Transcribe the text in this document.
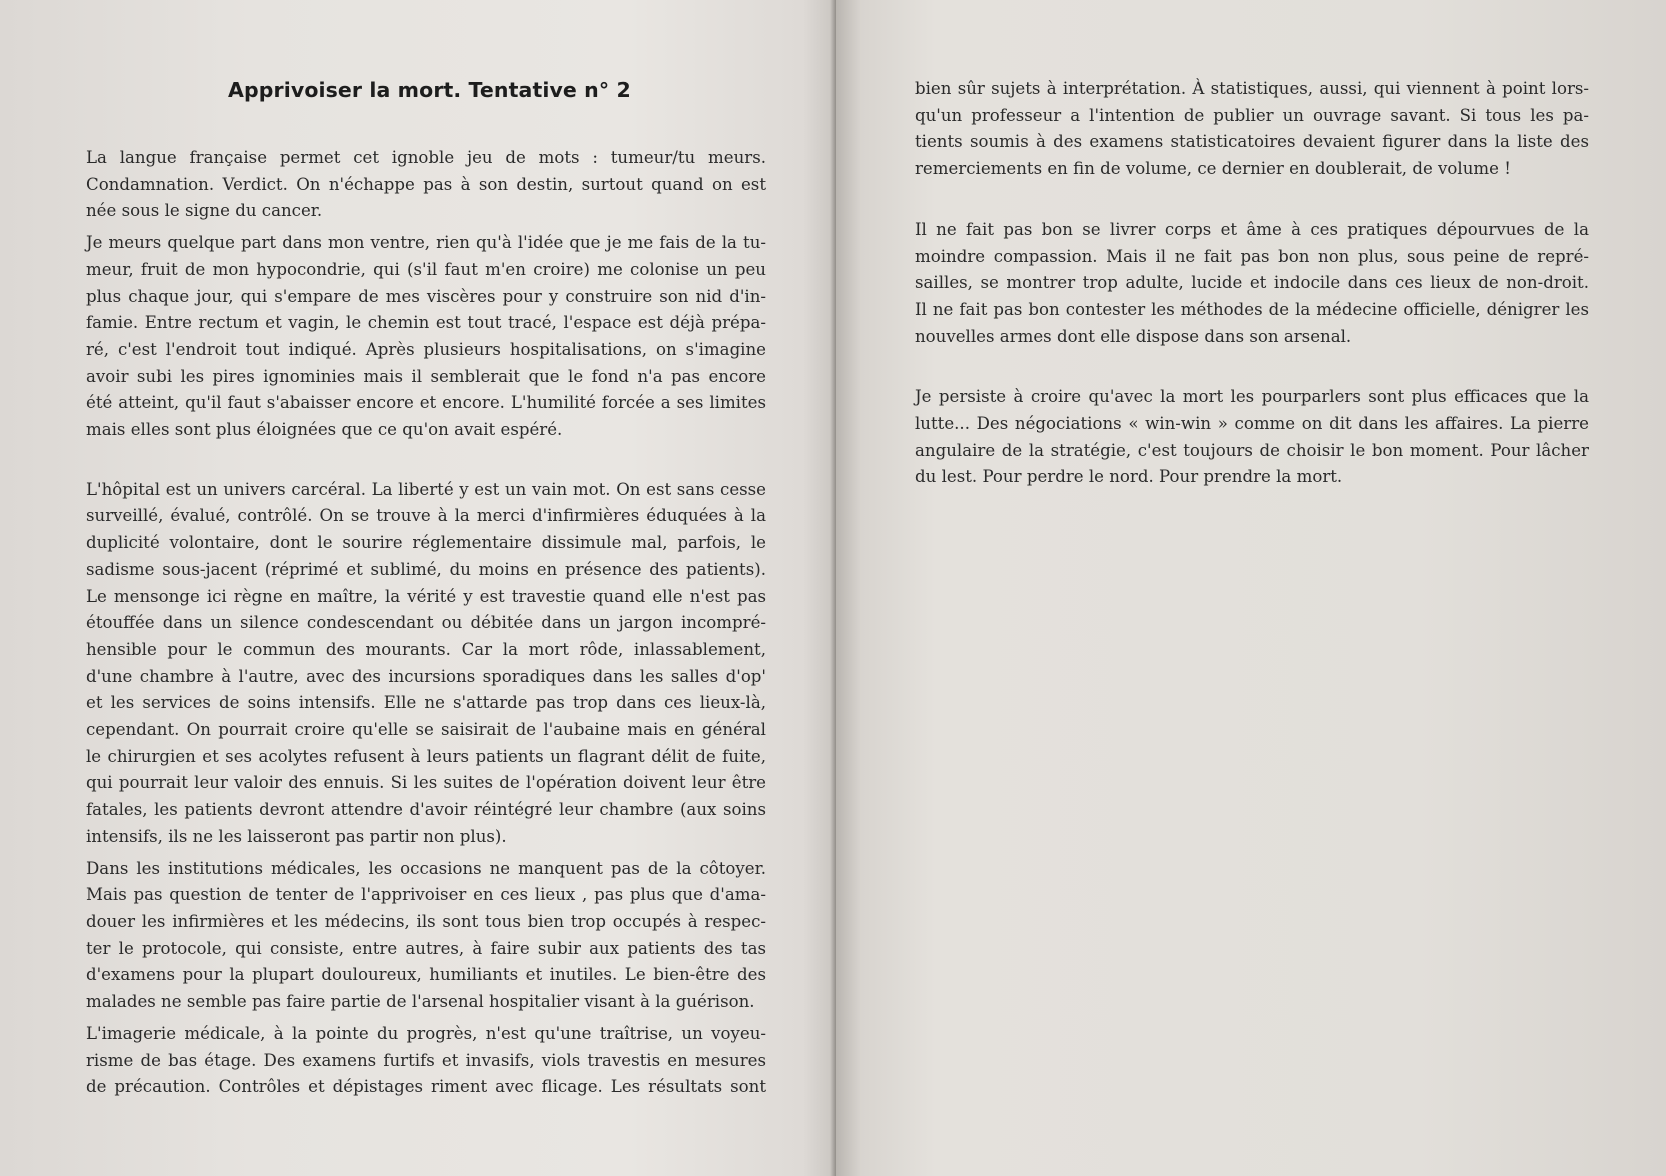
Apprivoiser la mort. Tentative n° 2
La langue française permet cet ignoble jeu de mots : tumeur/tu meurs.
Condamnation. Verdict. On n'échappe pas à son destin, surtout quand on est
née sous le signe du cancer.
Je meurs quelque part dans mon ventre, rien qu'à l'idée que je me fais de la tu-
meur, fruit de mon hypocondrie, qui (s'il faut m'en croire) me colonise un peu
plus chaque jour, qui s'empare de mes viscères pour y construire son nid d'in-
famie. Entre rectum et vagin, le chemin est tout tracé, l'espace est déjà prépa-
ré, c'est l'endroit tout indiqué. Après plusieurs hospitalisations, on s'imagine
avoir subi les pires ignominies mais il semblerait que le fond n'a pas encore
été atteint, qu'il faut s'abaisser encore et encore. L'humilité forcée a ses limites
mais elles sont plus éloignées que ce qu'on avait espéré.
L'hôpital est un univers carcéral. La liberté y est un vain mot. On est sans cesse
surveillé, évalué, contrôlé. On se trouve à la merci d'infirmières éduquées à la
duplicité volontaire, dont le sourire réglementaire dissimule mal, parfois, le
sadisme sous-jacent (réprimé et sublimé, du moins en présence des patients).
Le mensonge ici règne en maître, la vérité y est travestie quand elle n'est pas
étouffée dans un silence condescendant ou débitée dans un jargon incompré-
hensible pour le commun des mourants. Car la mort rôde, inlassablement,
d'une chambre à l'autre, avec des incursions sporadiques dans les salles d'op'
et les services de soins intensifs. Elle ne s'attarde pas trop dans ces lieux-là,
cependant. On pourrait croire qu'elle se saisirait de l'aubaine mais en général
le chirurgien et ses acolytes refusent à leurs patients un flagrant délit de fuite,
qui pourrait leur valoir des ennuis. Si les suites de l'opération doivent leur être
fatales, les patients devront attendre d'avoir réintégré leur chambre (aux soins
intensifs, ils ne les laisseront pas partir non plus).
Dans les institutions médicales, les occasions ne manquent pas de la côtoyer.
Mais pas question de tenter de l'apprivoiser en ces lieux , pas plus que d'ama-
douer les infirmières et les médecins, ils sont tous bien trop occupés à respec-
ter le protocole, qui consiste, entre autres, à faire subir aux patients des tas
d'examens pour la plupart douloureux, humiliants et inutiles. Le bien-être des
malades ne semble pas faire partie de l'arsenal hospitalier visant à la guérison.
L'imagerie médicale, à la pointe du progrès, n'est qu'une traîtrise, un voyeu-
risme de bas étage. Des examens furtifs et invasifs, viols travestis en mesures
de précaution. Contrôles et dépistages riment avec flicage. Les résultats sont
bien sûr sujets à interprétation. À statistiques, aussi, qui viennent à point lors-
qu'un professeur a l'intention de publier un ouvrage savant. Si tous les pa-
tients soumis à des examens statisticatoires devaient figurer dans la liste des
remerciements en fin de volume, ce dernier en doublerait, de volume !
Il ne fait pas bon se livrer corps et âme à ces pratiques dépourvues de la
moindre compassion. Mais il ne fait pas bon non plus, sous peine de repré-
sailles, se montrer trop adulte, lucide et indocile dans ces lieux de non-droit.
Il ne fait pas bon contester les méthodes de la médecine officielle, dénigrer les
nouvelles armes dont elle dispose dans son arsenal.
Je persiste à croire qu'avec la mort les pourparlers sont plus efficaces que la
lutte... Des négociations « win-win » comme on dit dans les affaires. La pierre
angulaire de la stratégie, c'est toujours de choisir le bon moment. Pour lâcher
du lest. Pour perdre le nord. Pour prendre la mort.
